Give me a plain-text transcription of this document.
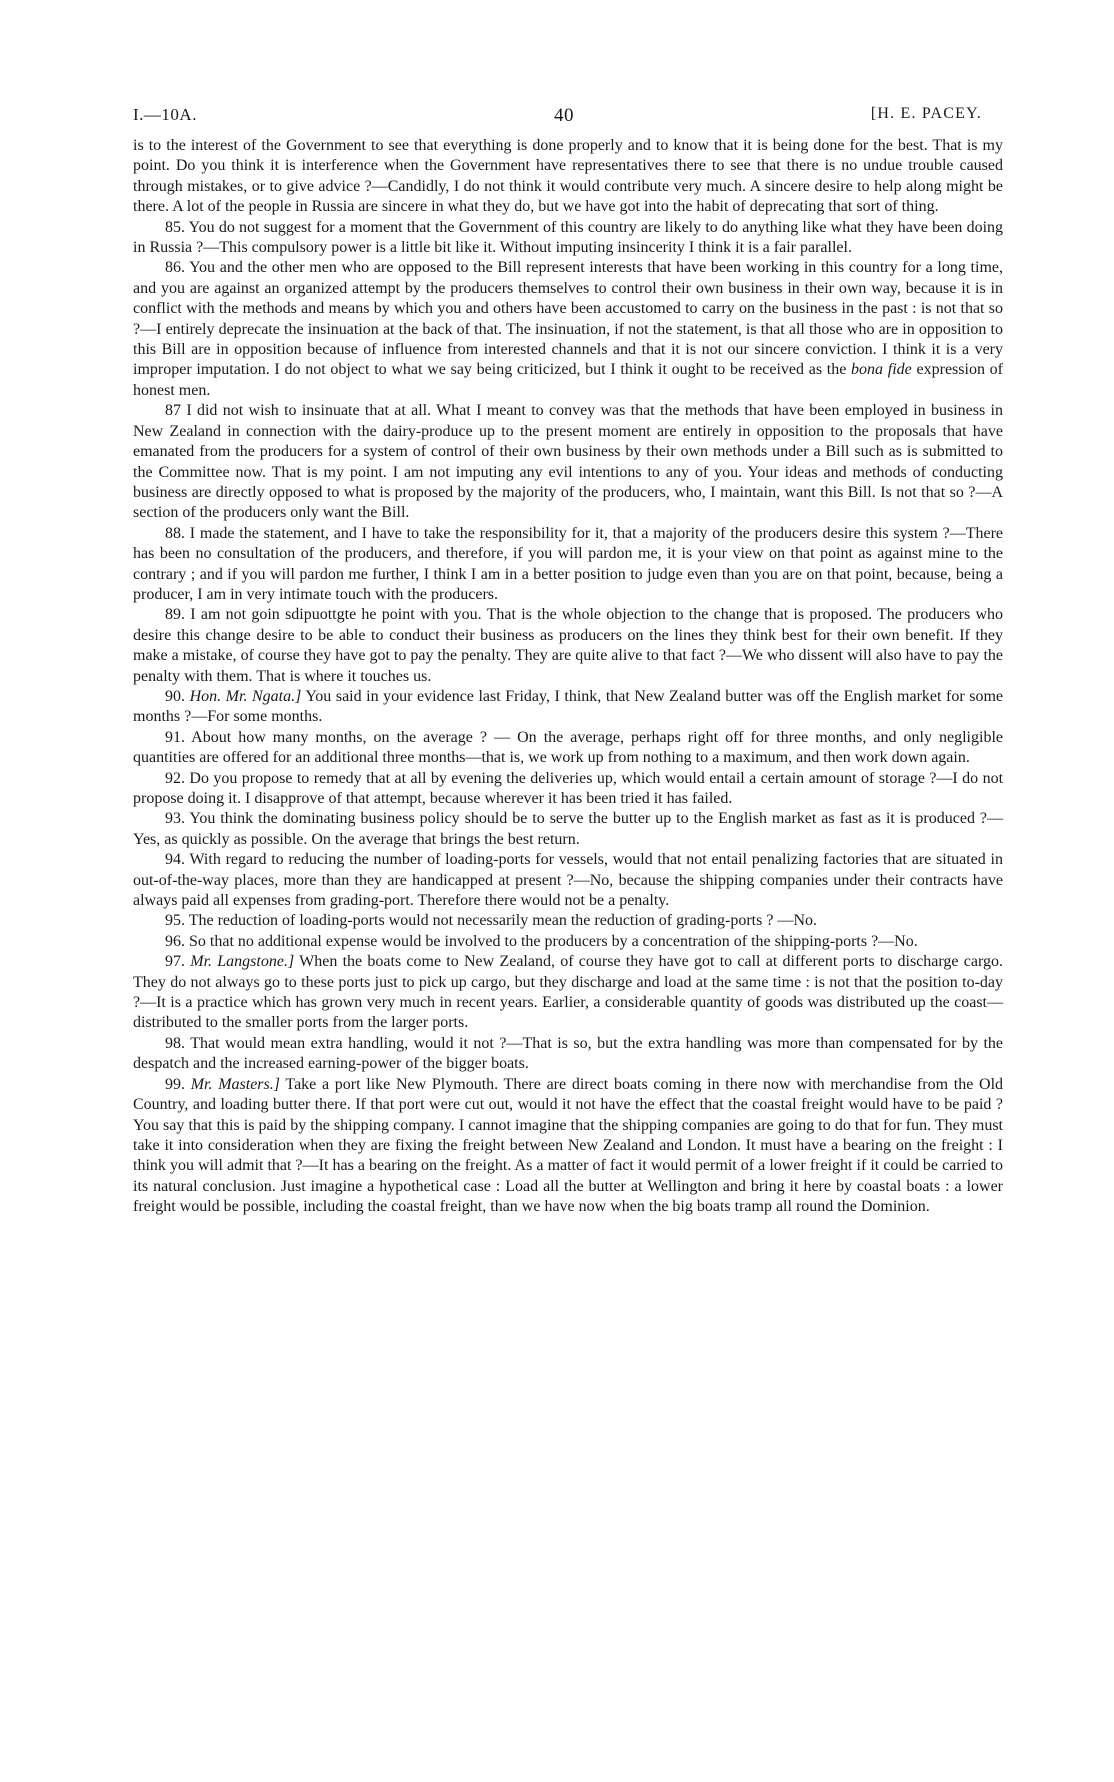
I.—10A.	40	[H. E. PACEY.

is to the interest of the Government to see that everything is done properly and to know that it is being done for the best. That is my point. Do you think it is interference when the Government have representatives there to see that there is no undue trouble caused through mistakes, or to give advice ?—Candidly, I do not think it would contribute very much. A sincere desire to help along might be there. A lot of the people in Russia are sincere in what they do, but we have got into the habit of deprecating that sort of thing.

85. You do not suggest for a moment that the Government of this country are likely to do anything like what they have been doing in Russia ?—This compulsory power is a little bit like it. Without imputing insincerity I think it is a fair parallel.

86. You and the other men who are opposed to the Bill represent interests that have been working in this country for a long time, and you are against an organized attempt by the producers themselves to control their own business in their own way, because it is in conflict with the methods and means by which you and others have been accustomed to carry on the business in the past : is not that so ?—I entirely deprecate the insinuation at the back of that. The insinuation, if not the statement, is that all those who are in opposition to this Bill are in opposition because of influence from interested channels and that it is not our sincere conviction. I think it is a very improper imputation. I do not object to what we say being criticized, but I think it ought to be received as the bona fide expression of honest men.

87 I did not wish to insinuate that at all. What I meant to convey was that the methods that have been employed in business in New Zealand in connection with the dairy-produce up to the present moment are entirely in opposition to the proposals that have emanated from the producers for a system of control of their own business by their own methods under a Bill such as is submitted to the Committee now. That is my point. I am not imputing any evil intentions to any of you. Your ideas and methods of conducting business are directly opposed to what is proposed by the majority of the producers, who, I maintain, want this Bill. Is not that so ?—A section of the producers only want the Bill.

88. I made the statement, and I have to take the responsibility for it, that a majority of the producers desire this system ?—There has been no consultation of the producers, and therefore, if you will pardon me, it is your view on that point as against mine to the contrary ; and if you will pardon me further, I think I am in a better position to judge even than you are on that point, because, being a producer, I am in very intimate touch with the producers.

89. I am not goin sdipuottgte he point with you. That is the whole objection to the change that is proposed. The producers who desire this change desire to be able to conduct their business as producers on the lines they think best for their own benefit. If they make a mistake, of course they have got to pay the penalty. They are quite alive to that fact ?—We who dissent will also have to pay the penalty with them. That is where it touches us.

90. Hon. Mr. Ngata.] You said in your evidence last Friday, I think, that New Zealand butter was off the English market for some months ?—For some months.

91. About how many months, on the average ? — On the average, perhaps right off for three months, and only negligible quantities are offered for an additional three months—that is, we work up from nothing to a maximum, and then work down again.

92. Do you propose to remedy that at all by evening the deliveries up, which would entail a certain amount of storage ?—I do not propose doing it. I disapprove of that attempt, because wherever it has been tried it has failed.

93. You think the dominating business policy should be to serve the butter up to the English market as fast as it is produced ?—Yes, as quickly as possible. On the average that brings the best return.

94. With regard to reducing the number of loading-ports for vessels, would that not entail penalizing factories that are situated in out-of-the-way places, more than they are handicapped at present ?—No, because the shipping companies under their contracts have always paid all expenses from grading-port. Therefore there would not be a penalty.

95. The reduction of loading-ports would not necessarily mean the reduction of grading-ports ? —No.

96. So that no additional expense would be involved to the producers by a concentration of the shipping-ports ?—No.

97. Mr. Langstone.] When the boats come to New Zealand, of course they have got to call at different ports to discharge cargo. They do not always go to these ports just to pick up cargo, but they discharge and load at the same time : is not that the position to-day ?—It is a practice which has grown very much in recent years. Earlier, a considerable quantity of goods was distributed up the coast—distributed to the smaller ports from the larger ports.

98. That would mean extra handling, would it not ?—That is so, but the extra handling was more than compensated for by the despatch and the increased earning-power of the bigger boats.

99. Mr. Masters.] Take a port like New Plymouth. There are direct boats coming in there now with merchandise from the Old Country, and loading butter there. If that port were cut out, would it not have the effect that the coastal freight would have to be paid ? You say that this is paid by the shipping company. I cannot imagine that the shipping companies are going to do that for fun. They must take it into consideration when they are fixing the freight between New Zealand and London. It must have a bearing on the freight : I think you will admit that ?—It has a bearing on the freight. As a matter of fact it would permit of a lower freight if it could be carried to its natural conclusion. Just imagine a hypothetical case : Load all the butter at Wellington and bring it here by coastal boats : a lower freight would be possible, including the coastal freight, than we have now when the big boats tramp all round the Dominion.
